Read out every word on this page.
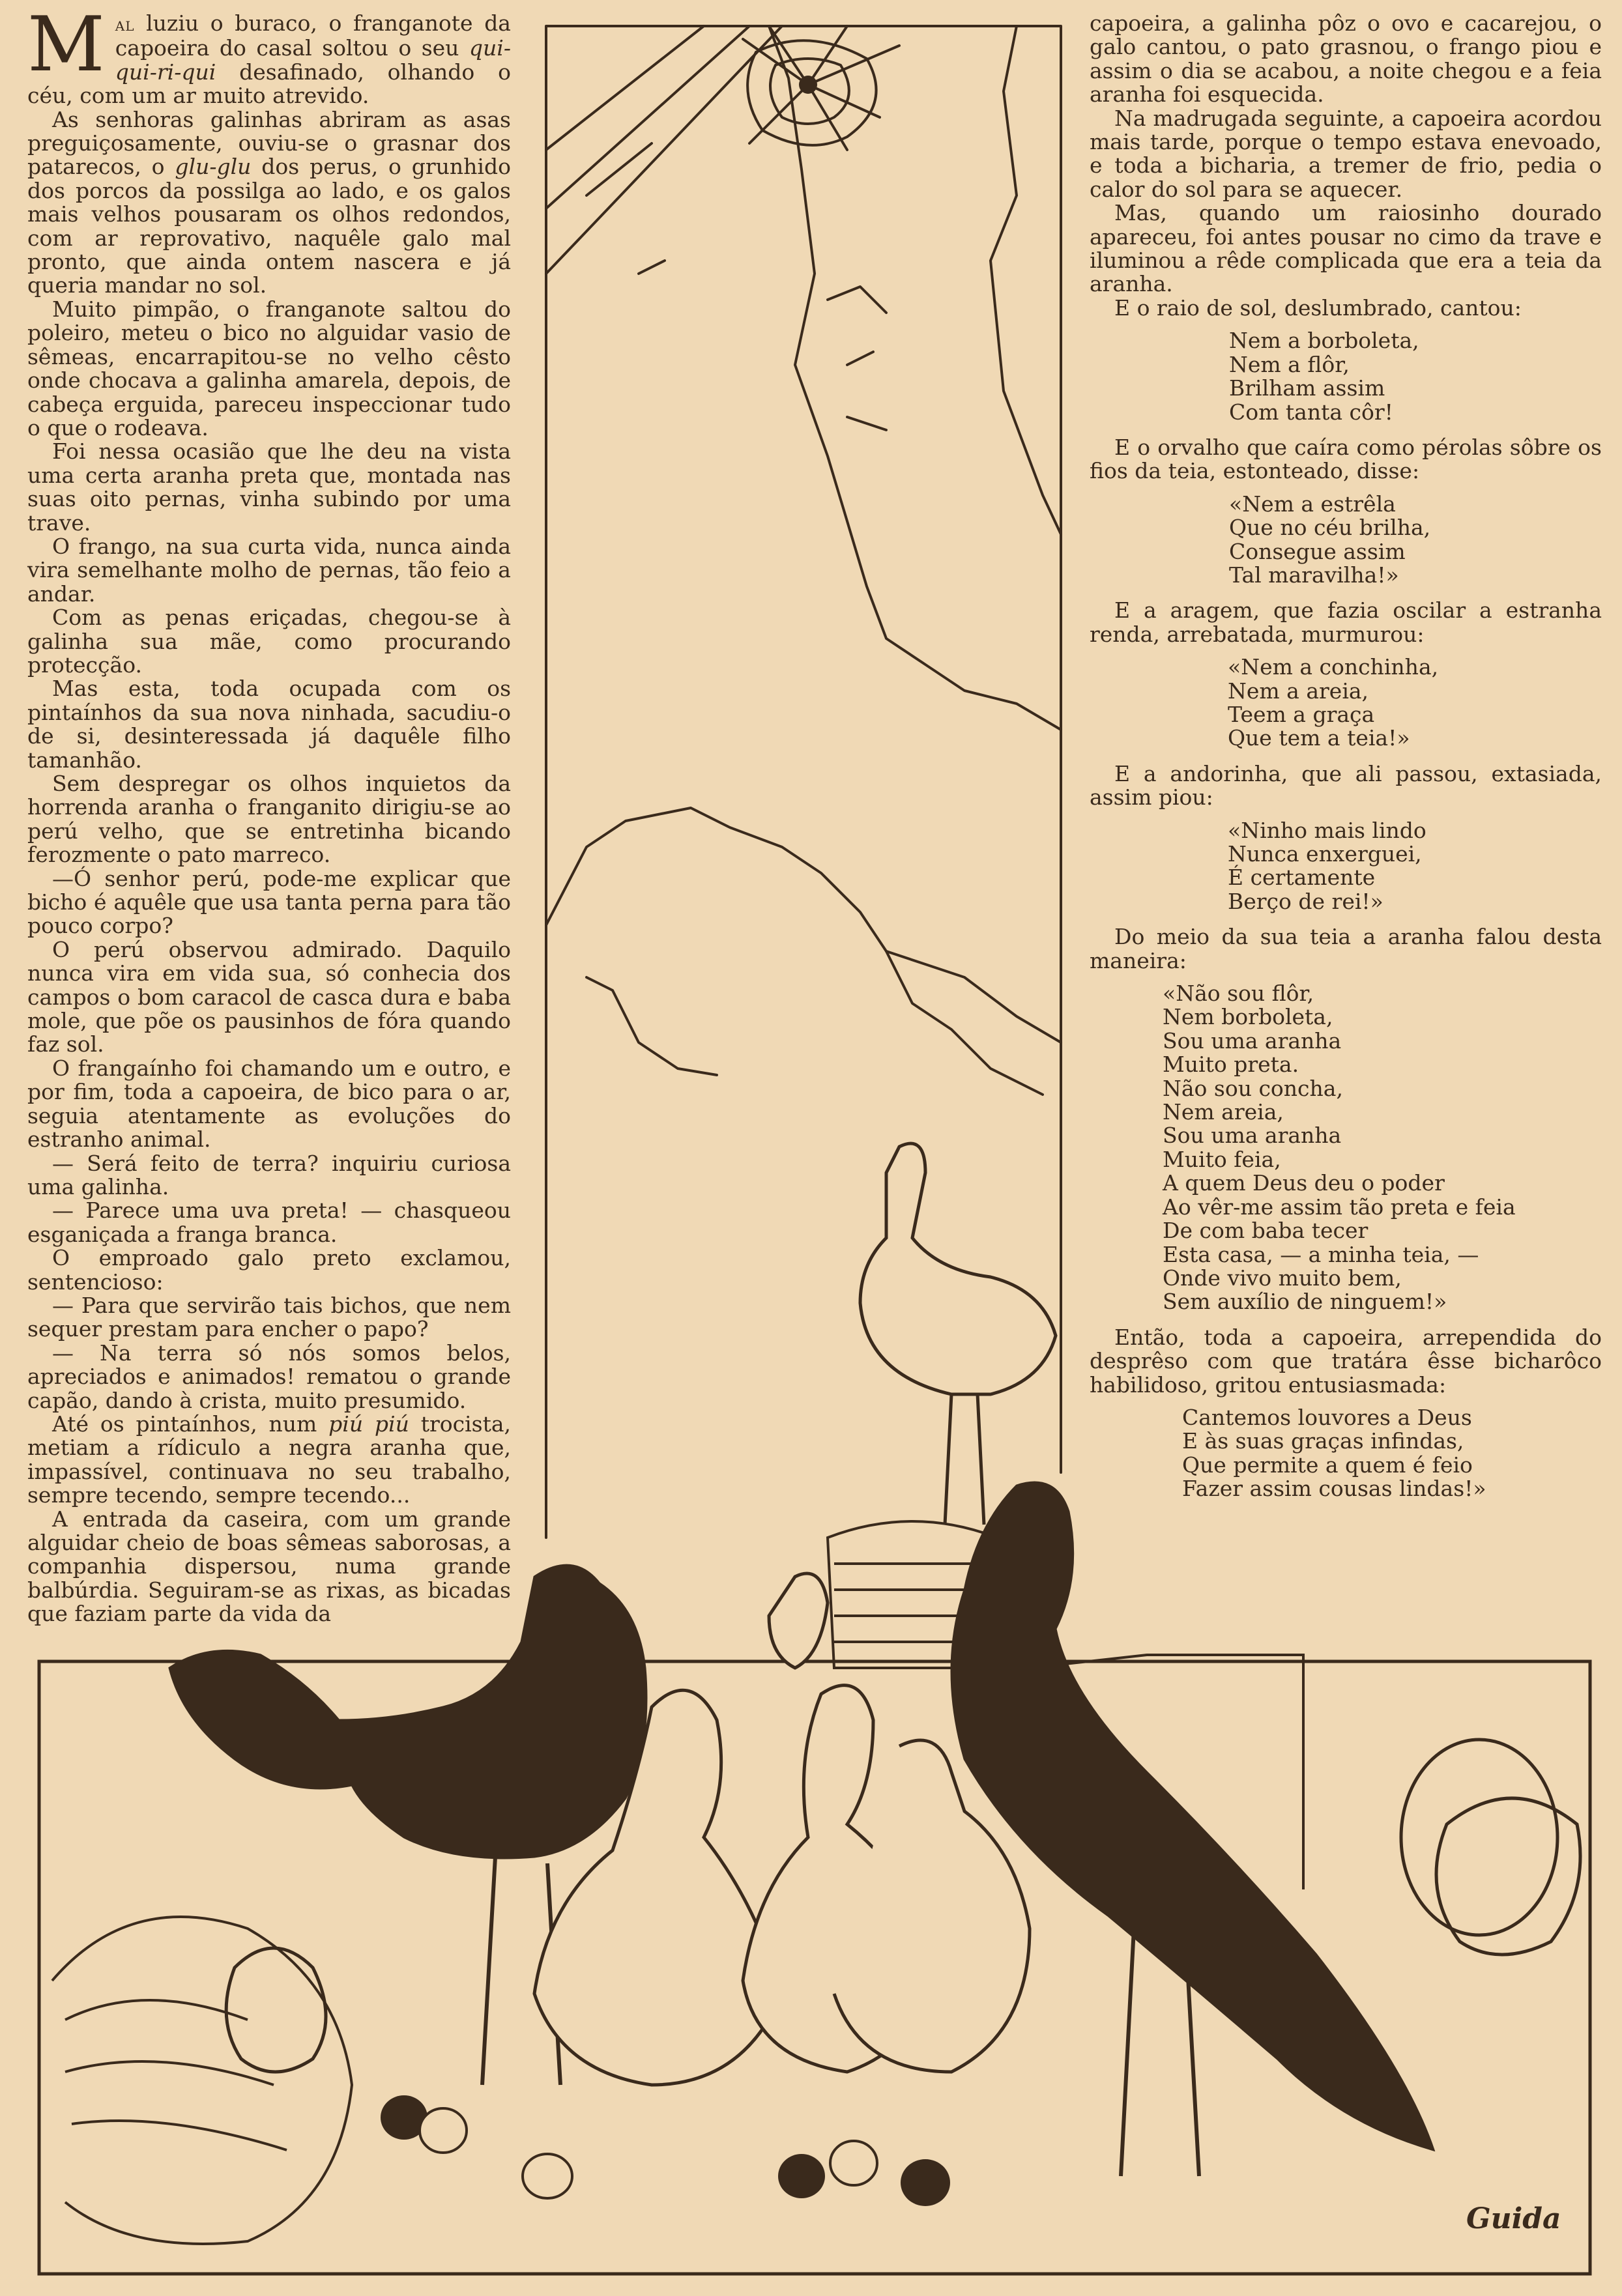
Mal luziu o buraco, o franganote da capoeira do casal soltou o seu qui-qui-ri-qui desafinado, olhando o céu, com um ar muito atrevido.

As senhoras galinhas abriram as asas preguiçosamente, ouviu-se o grasnar dos patarecos, o glu-glu dos perus, o grunhido dos porcos da possilga ao lado, e os galos mais velhos pousaram os olhos redondos, com ar reprovativo, naquêle galo mal pronto, que ainda ontem nascera e já queria mandar no sol.

Muito pimpão, o franganote saltou do poleiro, meteu o bico no alguidar vasio de sêmeas, encarrapitou-se no velho cêsto onde chocava a galinha amarela, depois, de cabeça erguida, pareceu inspeccionar tudo o que o rodeava.

Foi nessa ocasião que lhe deu na vista uma certa aranha preta que, montada nas suas oito pernas, vinha subindo por uma trave.

O frango, na sua curta vida, nunca ainda vira semelhante molho de pernas, tão feio a andar.

Com as penas eriçadas, chegou-se à galinha sua mãe, como procurando protecção.

Mas esta, toda ocupada com os pintaínhos da sua nova ninhada, sacudiu-o de si, desinteressada já daquêle filho tamanhão.

Sem despregar os olhos inquietos da horrenda aranha o franganito dirigiu-se ao perú velho, que se entretinha bicando ferozmente o pato marreco.

—Ó senhor perú, pode-me explicar que bicho é aquêle que usa tanta perna para tão pouco corpo?

O perú observou admirado. Daquilo nunca vira em vida sua, só conhecia dos campos o bom caracol de casca dura e baba mole, que põe os pausinhos de fóra quando faz sol.

O frangaínho foi chamando um e outro, e por fim, toda a capoeira, de bico para o ar, seguia atentamente as evoluções do estranho animal.

— Será feito de terra? inquiriu curiosa uma galinha.

— Parece uma uva preta! — chasqueou esganiçada a franga branca.

O emproado galo preto exclamou, sentencioso:

— Para que servirão tais bichos, que nem sequer prestam para encher o papo?

— Na terra só nós somos belos, apreciados e animados! rematou o grande capão, dando à crista, muito presumido.

Até os pintaínhos, num piú piú trocista, metiam a rídiculo a negra aranha que, impassível, continuava no seu trabalho, sempre tecendo, sempre tecendo...

A entrada da caseira, com um grande alguidar cheio de boas sêmeas saborosas, a companhia dispersou, numa grande balbúrdia. Seguiram-se as rixas, as bicadas que faziam parte da vida da

capoeira, a galinha pôz o ovo e cacarejou, o galo cantou, o pato grasnou, o frango piou e assim o dia se acabou, a noite chegou e a feia aranha foi esquecida.

Na madrugada seguinte, a capoeira acordou mais tarde, porque o tempo estava enevoado, e toda a bicharia, a tremer de frio, pedia o calor do sol para se aquecer.

Mas, quando um raiosinho dourado apareceu, foi antes pousar no cimo da trave e iluminou a rêde complicada que era a teia da aranha.

E o raio de sol, deslumbrado, cantou:

Nem a borboleta,
Nem a flôr,
Brilham assim
Com tanta côr!

E o orvalho que caíra como pérolas sôbre os fios da teia, estonteado, disse:

«Nem a estrêla
Que no céu brilha,
Consegue assim
Tal maravilha!»

E a aragem, que fazia oscilar a estranha renda, arrebatada, murmurou:

«Nem a conchinha,
Nem a areia,
Teem a graça
Que tem a teia!»

E a andorinha, que ali passou, extasiada, assim piou:

«Ninho mais lindo
Nunca enxerguei,
É certamente
Berço de rei!»

Do meio da sua teia a aranha falou desta maneira:

«Não sou flôr,
Nem borboleta,
Sou uma aranha
Muito preta.
Não sou concha,
Nem areia,
Sou uma aranha
Muito feia,
A quem Deus deu o poder
Ao vêr-me assim tão preta e feia
De com baba tecer
Esta casa, — a minha teia, —
Onde vivo muito bem,
Sem auxílio de ninguem!»

Então, toda a capoeira, arrependida do desprêso com que tratára êsse bicharôco habilidoso, gritou entusiasmada:

Cantemos louvores a Deus
E às suas graças infindas,
Que permite a quem é feio
Fazer assim cousas lindas!»
Guida
